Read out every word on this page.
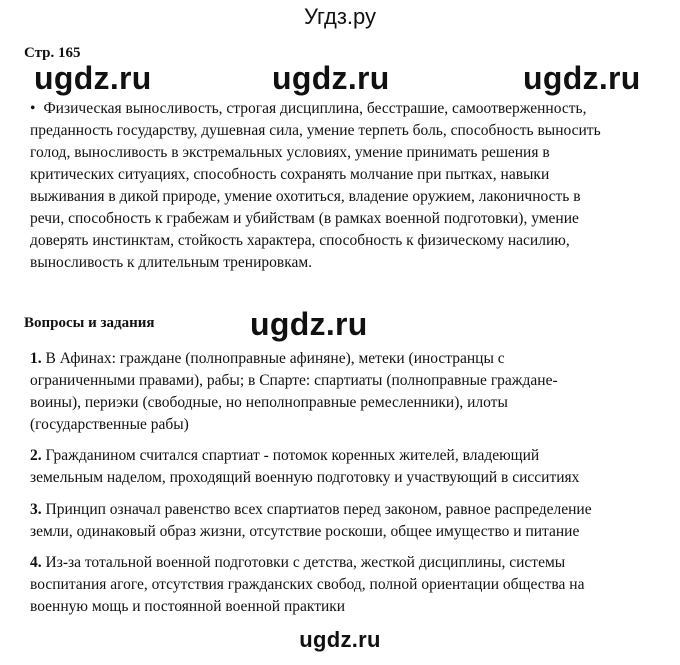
Угдз.ру
Стр. 165
ugdz.ru	ugdz.ru	ugdz.ru
• Физическая выносливость, строгая дисциплина, бесстрашие, самоотверженность,
преданность государству, душевная сила, умение терпеть боль, способность выносить
голод, выносливость в экстремальных условиях, умение принимать решения в
критических ситуациях, способность сохранять молчание при пытках, навыки
выживания в дикой природе, умение охотиться, владение оружием, лаконичность в
речи, способность к грабежам и убийствам (в рамках военной подготовки), умение
доверять инстинктам, стойкость характера, способность к физическому насилию,
выносливость к длительным тренировкам.
Вопросы и задания	ugdz.ru
1. В Афинах: граждане (полноправные афиняне), метеки (иностранцы с
ограниченными правами), рабы; в Спарте: спартиаты (полноправные граждане-
воины), периэки (свободные, но неполноправные ремесленники), илоты
(государственные рабы)
2. Гражданином считался спартиат - потомок коренных жителей, владеющий
земельным наделом, проходящий военную подготовку и участвующий в сисситиях
3. Принцип означал равенство всех спартиатов перед законом, равное распределение
земли, одинаковый образ жизни, отсутствие роскоши, общее имущество и питание
4. Из-за тотальной военной подготовки с детства, жесткой дисциплины, системы
воспитания агоге, отсутствия гражданских свобод, полной ориентации общества на
военную мощь и постоянной военной практики
ugdz.ru
